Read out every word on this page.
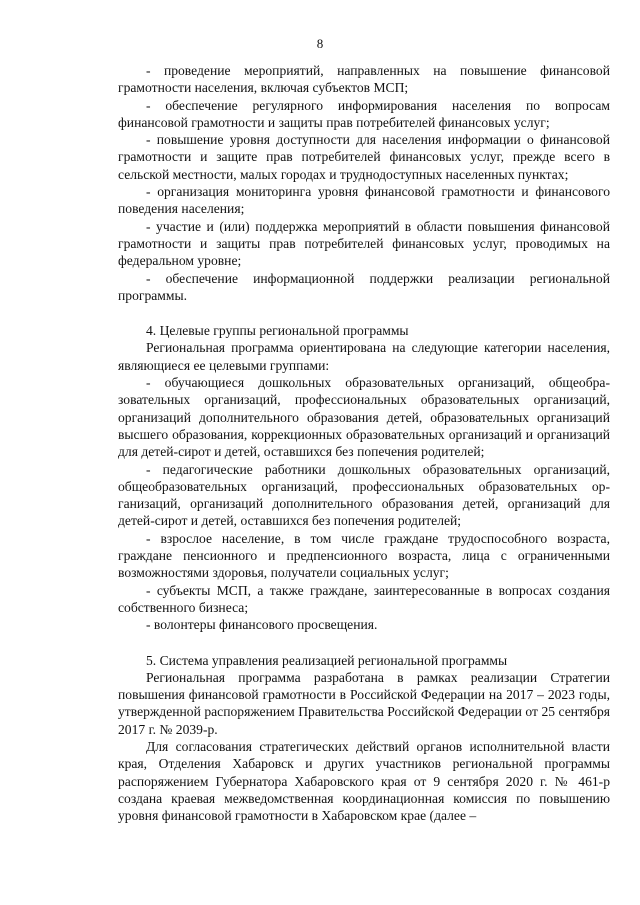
8

- проведение мероприятий, направленных на повышение финансовой грамотности населения, включая субъектов МСП;

- обеспечение регулярного информирования населения по вопросам финансовой грамотности и защиты прав потребителей финансовых услуг;

- повышение уровня доступности для населения информации о финансовой грамотности и защите прав потребителей финансовых услуг, прежде всего в сельской местности, малых городах и труднодоступных населенных пунктах;

- организация мониторинга уровня финансовой грамотности и финансового поведения населения;

- участие и (или) поддержка мероприятий в области повышения финансовой грамотности и защиты прав потребителей финансовых услуг, проводимых на федеральном уровне;

- обеспечение информационной поддержки реализации региональной программы.

4. Целевые группы региональной программы

Региональная программа ориентирована на следующие категории населения, являющиеся ее целевыми группами:

- обучающиеся дошкольных образовательных организаций, общеобразовательных организаций, профессиональных образовательных организаций, организаций дополнительного образования детей, образовательных организаций высшего образования, коррекционных образовательных организаций и организаций для детей-сирот и детей, оставшихся без попечения родителей;

- педагогические работники дошкольных образовательных организаций, общеобразовательных организаций, профессиональных образовательных организаций, организаций дополнительного образования детей, организаций для детей-сирот и детей, оставшихся без попечения родителей;

- взрослое население, в том числе граждане трудоспособного возраста, граждане пенсионного и предпенсионного возраста, лица с ограниченными возможностями здоровья, получатели социальных услуг;

- субъекты МСП, а также граждане, заинтересованные в вопросах создания собственного бизнеса;

- волонтеры финансового просвещения.

5. Система управления реализацией региональной программы

Региональная программа разработана в рамках реализации Стратегии повышения финансовой грамотности в Российской Федерации на 2017 – 2023 годы, утвержденной распоряжением Правительства Российской Федерации от 25 сентября 2017 г. № 2039-р.

Для согласования стратегических действий органов исполнительной власти края, Отделения Хабаровск и других участников региональной программы распоряжением Губернатора Хабаровского края от 9 сентября 2020 г. № 461-р создана краевая межведомственная координационная комиссия по повышению уровня финансовой грамотности в Хабаровском крае (далее –
